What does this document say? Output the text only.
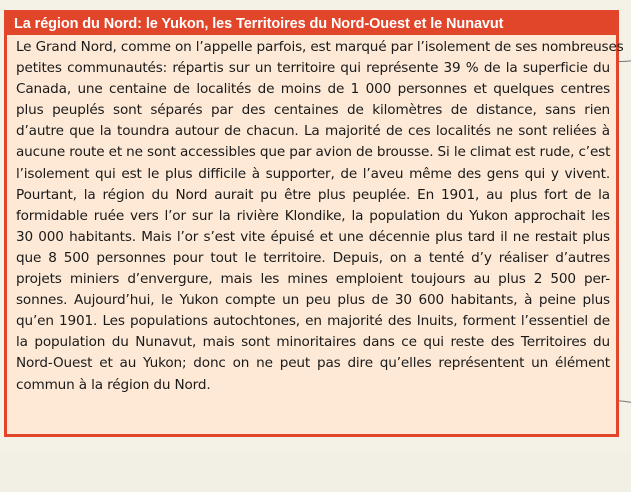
La région du Nord: le Yukon, les Territoires du Nord-Ouest et le Nunavut
Le Grand Nord, comme on l’appelle parfois, est marqué par l’isolement de ses nombreuses
petites communautés: répartis sur un territoire qui représente 39 % de la superficie du
Canada, une centaine de localités de moins de 1 000 personnes et quelques centres
plus peuplés sont séparés par des centaines de kilomètres de distance, sans rien
d’autre que la toundra autour de chacun. La majorité de ces localités ne sont reliées à
aucune route et ne sont accessibles que par avion de brousse. Si le climat est rude, c’est
l’isolement qui est le plus difficile à supporter, de l’aveu même des gens qui y vivent.
Pourtant, la région du Nord aurait pu être plus peuplée. En 1901, au plus fort de la
formidable ruée vers l’or sur la rivière Klondike, la population du Yukon approchait les
30 000 habitants. Mais l’or s’est vite épuisé et une décennie plus tard il ne restait plus
que 8 500 personnes pour tout le territoire. Depuis, on a tenté d’y réaliser d’autres
projets miniers d’envergure, mais les mines emploient toujours au plus 2 500 per-
sonnes. Aujourd’hui, le Yukon compte un peu plus de 30 600 habitants, à peine plus
qu’en 1901. Les populations autochtones, en majorité des Inuits, forment l’essentiel de
la population du Nunavut, mais sont minoritaires dans ce qui reste des Territoires du
Nord-Ouest et au Yukon; donc on ne peut pas dire qu’elles représentent un élément
commun à la région du Nord.
